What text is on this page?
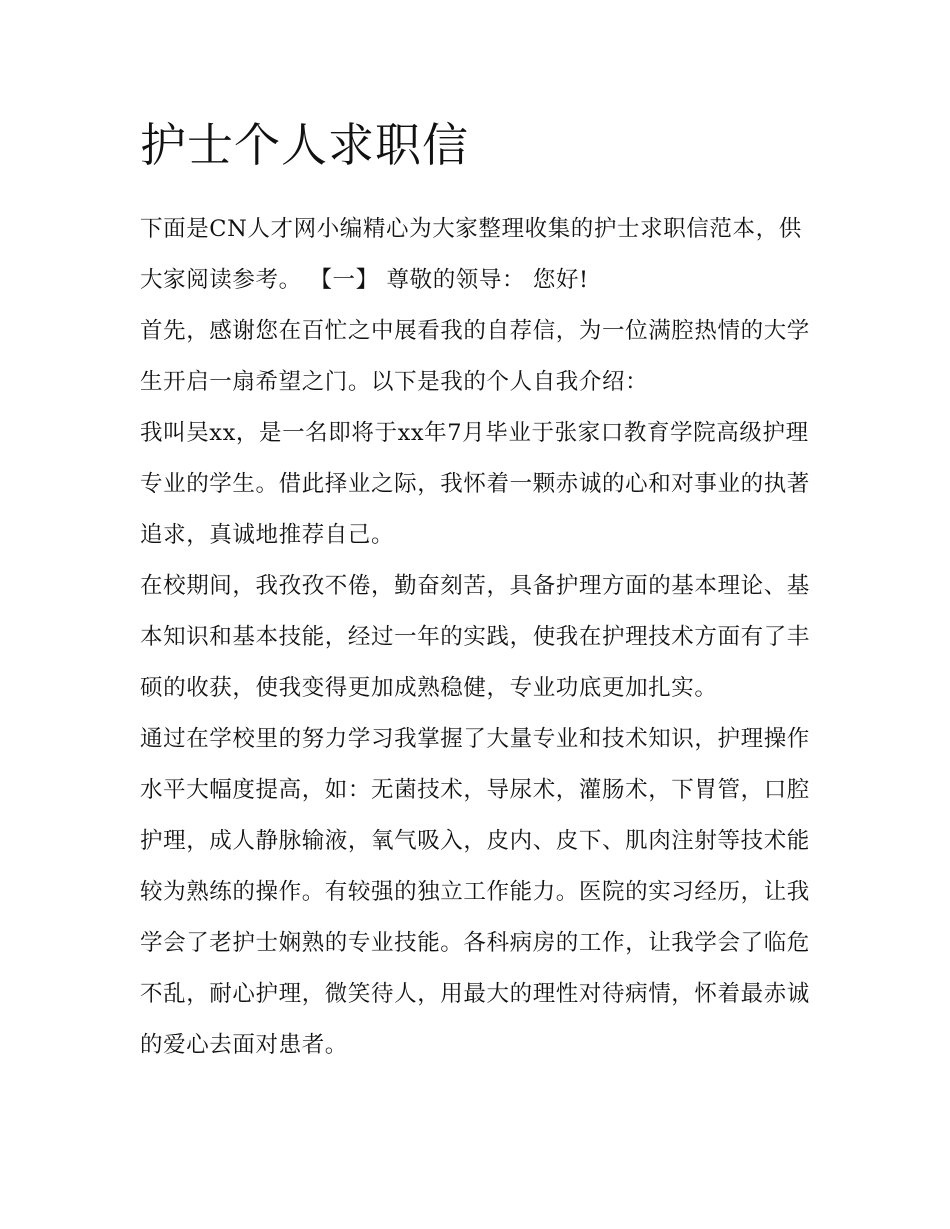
护士个人求职信

下面是CN人才网小编精心为大家整理收集的护士求职信范本，供大家阅读参考。 【一】 尊敬的领导： 您好!

首先，感谢您在百忙之中展看我的自荐信，为一位满腔热情的大学生开启一扇希望之门。以下是我的个人自我介绍：

我叫吴xx，是一名即将于xx年7月毕业于张家口教育学院高级护理专业的学生。借此择业之际，我怀着一颗赤诚的心和对事业的执著追求，真诚地推荐自己。

在校期间，我孜孜不倦，勤奋刻苦，具备护理方面的基本理论、基本知识和基本技能，经过一年的实践，使我在护理技术方面有了丰硕的收获，使我变得更加成熟稳健，专业功底更加扎实。

通过在学校里的努力学习我掌握了大量专业和技术知识，护理操作水平大幅度提高，如：无菌技术，导尿术，灌肠术，下胃管，口腔护理，成人静脉输液，氧气吸入，皮内、皮下、肌肉注射等技术能较为熟练的操作。有较强的独立工作能力。医院的实习经历，让我学会了老护士娴熟的专业技能。各科病房的工作，让我学会了临危不乱，耐心护理，微笑待人，用最大的理性对待病情，怀着最赤诚的爱心去面对患者。
